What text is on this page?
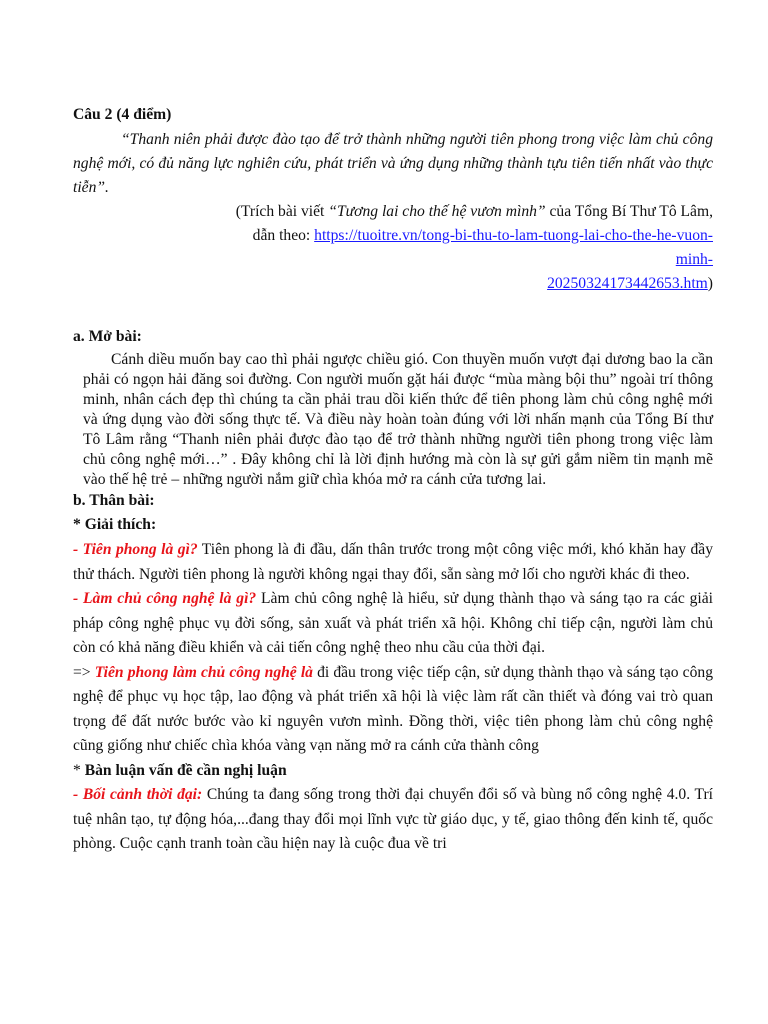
Câu 2 (4 điểm)

“Thanh niên phải được đào tạo để trở thành những người tiên phong trong việc làm chủ công nghệ mới, có đủ năng lực nghiên cứu, phát triển và ứng dụng những thành tựu tiên tiến nhất vào thực tiễn”.

(Trích bài viết “Tương lai cho thế hệ vươn mình” của Tổng Bí Thư Tô Lâm,
dẫn theo: https://tuoitre.vn/tong-bi-thu-to-lam-tuong-lai-cho-the-he-vuon-
minh-
20250324173442653.htm)

a. Mở bài:

Cánh diều muốn bay cao thì phải ngược chiều gió. Con thuyền muốn vượt đại dương bao la cần phải có ngọn hải đăng soi đường. Con người muốn gặt hái được “mùa màng bội thu” ngoài trí thông minh, nhân cách đẹp thì chúng ta cần phải trau dồi kiến thức để tiên phong làm chủ công nghệ mới và ứng dụng vào đời sống thực tế. Và điều này hoàn toàn đúng với lời nhấn mạnh của Tổng Bí thư Tô Lâm rằng “Thanh niên phải được đào tạo để trở thành những người tiên phong trong việc làm chủ công nghệ mới…” . Đây không chỉ là lời định hướng mà còn là sự gửi gắm niềm tin mạnh mẽ vào thế hệ trẻ – những người nắm giữ chìa khóa mở ra cánh cửa tương lai.

b. Thân bài:

* Giải thích:

- Tiên phong là gì? Tiên phong là đi đầu, dấn thân trước trong một công việc mới, khó khăn hay đầy thử thách. Người tiên phong là người không ngại thay đổi, sẵn sàng mở lối cho người khác đi theo.

- Làm chủ công nghệ là gì? Làm chủ công nghệ là hiểu, sử dụng thành thạo và sáng tạo ra các giải pháp công nghệ phục vụ đời sống, sản xuất và phát triển xã hội. Không chỉ tiếp cận, người làm chủ còn có khả năng điều khiển và cải tiến công nghệ theo nhu cầu của thời đại.

=> Tiên phong làm chủ công nghệ là đi đầu trong việc tiếp cận, sử dụng thành thạo và sáng tạo công nghệ để phục vụ học tập, lao động và phát triển xã hội là việc làm rất cần thiết và đóng vai trò quan trọng để đất nước bước vào kỉ nguyên vươn mình. Đồng thời, việc tiên phong làm chủ công nghệ cũng giống như chiếc chìa khóa vàng vạn năng mở ra cánh cửa thành công

* Bàn luận vấn đề cần nghị luận

- Bối cảnh thời đại: Chúng ta đang sống trong thời đại chuyển đổi số và bùng nổ công nghệ 4.0. Trí tuệ nhân tạo, tự động hóa,...đang thay đổi mọi lĩnh vực từ giáo dục, y tế, giao thông đến kinh tế, quốc phòng. Cuộc cạnh tranh toàn cầu hiện nay là cuộc đua về tri
